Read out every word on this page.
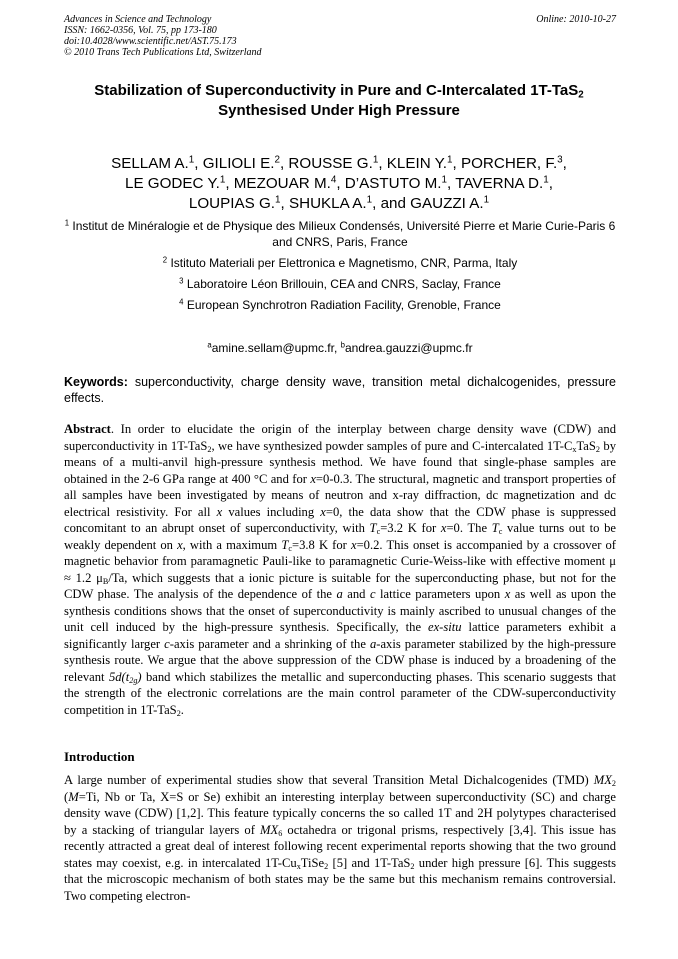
Advances in Science and Technology
ISSN: 1662-0356, Vol. 75, pp 173-180
doi:10.4028/www.scientific.net/AST.75.173
© 2010 Trans Tech Publications Ltd, Switzerland
Online: 2010-10-27
Stabilization of Superconductivity in Pure and C-Intercalated 1T-TaS$_2$
Synthesised Under High Pressure
SELLAM A.$^1$, GILIOLI E.$^2$, ROUSSE G.$^1$, KLEIN Y.$^1$, PORCHER, F.$^3$,
LE GODEC Y.$^1$, MEZOUAR M.$^4$, D’ASTUTO M.$^1$, TAVERNA D.$^1$,
LOUPIAS G.$^1$, SHUKLA A.$^1$, and GAUZZI A.$^1$
$^1$ Institut de Minéralogie et de Physique des Milieux Condensés, Université Pierre et Marie Curie-Paris 6 and CNRS, Paris, France
$^2$ Istituto Materiali per Elettronica e Magnetismo, CNR, Parma, Italy
$^3$ Laboratoire Léon Brillouin, CEA and CNRS, Saclay, France
$^4$ European Synchrotron Radiation Facility, Grenoble, France
$^a$amine.sellam@upmc.fr, $^b$andrea.gauzzi@upmc.fr
Keywords: superconductivity, charge density wave, transition metal dichalcogenides, pressure effects.
Abstract. In order to elucidate the origin of the interplay between charge density wave (CDW) and superconductivity in 1T-TaS$_2$, we have synthesized powder samples of pure and C-intercalated $1T-C_xTaS_2$ by means of a multi-anvil high-pressure synthesis method. We have found that single-phase samples are obtained in the 2-6 GPa range at 400 °C and for x=0-0.3. The structural, magnetic and transport properties of all samples have been investigated by means of neutron and x-ray diffraction, dc magnetization and dc electrical resistivity. For all x values including x=0, the data show that the CDW phase is suppressed concomitant to an abrupt onset of superconductivity, with $T_c=3.2$ K for x=0. The $T_c$ value turns out to be weakly dependent on x, with a maximum $T_c=3.8$ K for x=0.2. This onset is accompanied by a crossover of magnetic behavior from paramagnetic Pauli-like to paramagnetic Curie-Weiss-like with effective moment μ ≈ 1.2 $\mu_B/Ta$, which suggests that a ionic picture is suitable for the superconducting phase, but not for the CDW phase. The analysis of the dependence of the a and c lattice parameters upon x as well as upon the synthesis conditions shows that the onset of superconductivity is mainly ascribed to unusual changes of the unit cell induced by the high-pressure synthesis. Specifically, the ex-situ lattice parameters exhibit a significantly larger c-axis parameter and a shrinking of the a-axis parameter stabilized by the high-pressure synthesis route. We argue that the above suppression of the CDW phase is induced by a broadening of the relevant $5d(t_{2g})$ band which stabilizes the metallic and superconducting phases. This scenario suggests that the strength of the electronic correlations are the main control parameter of the CDW-superconductivity competition in 1T-TaS$_2$.
Introduction
A large number of experimental studies show that several Transition Metal Dichalcogenides (TMD) $MX_2$ (M=Ti, Nb or Ta, X=S or Se) exhibit an interesting interplay between superconductivity (SC) and charge density wave (CDW) [1,2]. This feature typically concerns the so called 1T and 2H polytypes characterised by a stacking of triangular layers of $MX_6$ octahedra or trigonal prisms, respectively [3,4]. This issue has recently attracted a great deal of interest following recent experimental reports showing that the two ground states may coexist, e.g. in intercalated $1T-Cu_xTiSe_2$ [5] and 1T-TaS$_2$ under high pressure [6]. This suggests that the microscopic mechanism of both states may be the same but this mechanism remains controversial. Two competing electron-
